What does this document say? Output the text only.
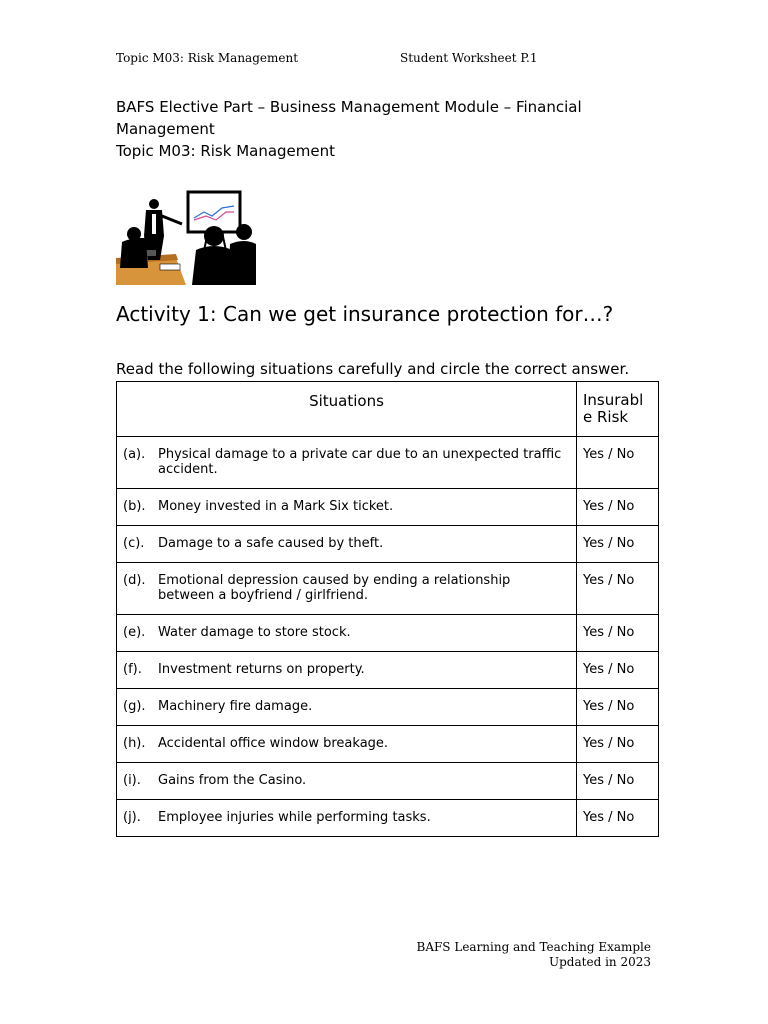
Topic M03: Risk Management	Student Worksheet P.1
BAFS Elective Part – Business Management Module – Financial Management
Topic M03: Risk Management
Activity 1: Can we get insurance protection for…?
Read the following situations carefully and circle the correct answer.
Situations	Insurable Risk

(a). Physical damage to a private car due to an unexpected traffic accident.	Yes / No

(b). Money invested in a Mark Six ticket.	Yes / No

(c). Damage to a safe caused by theft.	Yes / No

(d). Emotional depression caused by ending a relationship between a boyfriend / girlfriend.	Yes / No

(e). Water damage to store stock.	Yes / No

(f). Investment returns on property.	Yes / No

(g). Machinery fire damage.	Yes / No

(h). Accidental office window breakage.	Yes / No

(i). Gains from the Casino.	Yes / No

(j). Employee injuries while performing tasks.	Yes / No
BAFS Learning and Teaching Example
Updated in 2023
